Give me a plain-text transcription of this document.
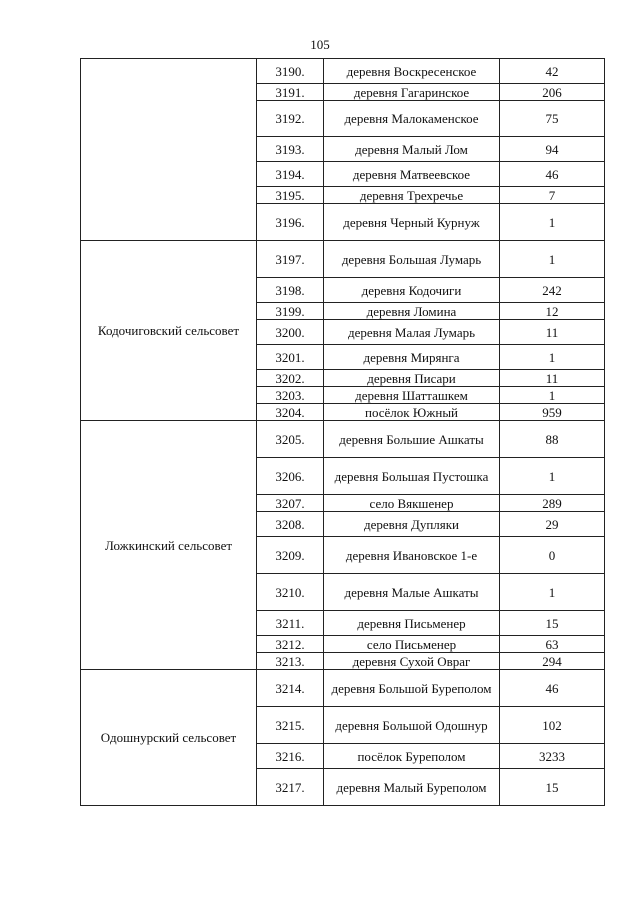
105
	3190.	деревня Воскресенское	42
	3191.	деревня Гагаринское	206
	3192.	деревня Малокаменское	75
	3193.	деревня Малый Лом	94
	3194.	деревня Матвеевское	46
	3195.	деревня Трехречье	7
	3196.	деревня Черный Курнуж	1
Кодочиговский сельсовет	3197.	деревня Большая Лумарь	1
	3198.	деревня Кодочиги	242
	3199.	деревня Ломина	12
	3200.	деревня Малая Лумарь	11
	3201.	деревня Мирянга	1
	3202.	деревня Писари	11
	3203.	деревня Шатташкем	1
	3204.	посёлок Южный	959
Ложкинский сельсовет	3205.	деревня Большие Ашкаты	88
	3206.	деревня Большая Пустошка	1
	3207.	село Вякшенер	289
	3208.	деревня Дупляки	29
	3209.	деревня Ивановское 1-е	0
	3210.	деревня Малые Ашкаты	1
	3211.	деревня Письменер	15
	3212.	село Письменер	63
	3213.	деревня Сухой Овраг	294
Одошнурский сельсовет	3214.	деревня Большой Буреполом	46
	3215.	деревня Большой Одошнур	102
	3216.	посёлок Буреполом	3233
	3217.	деревня Малый Бурeполом	15
